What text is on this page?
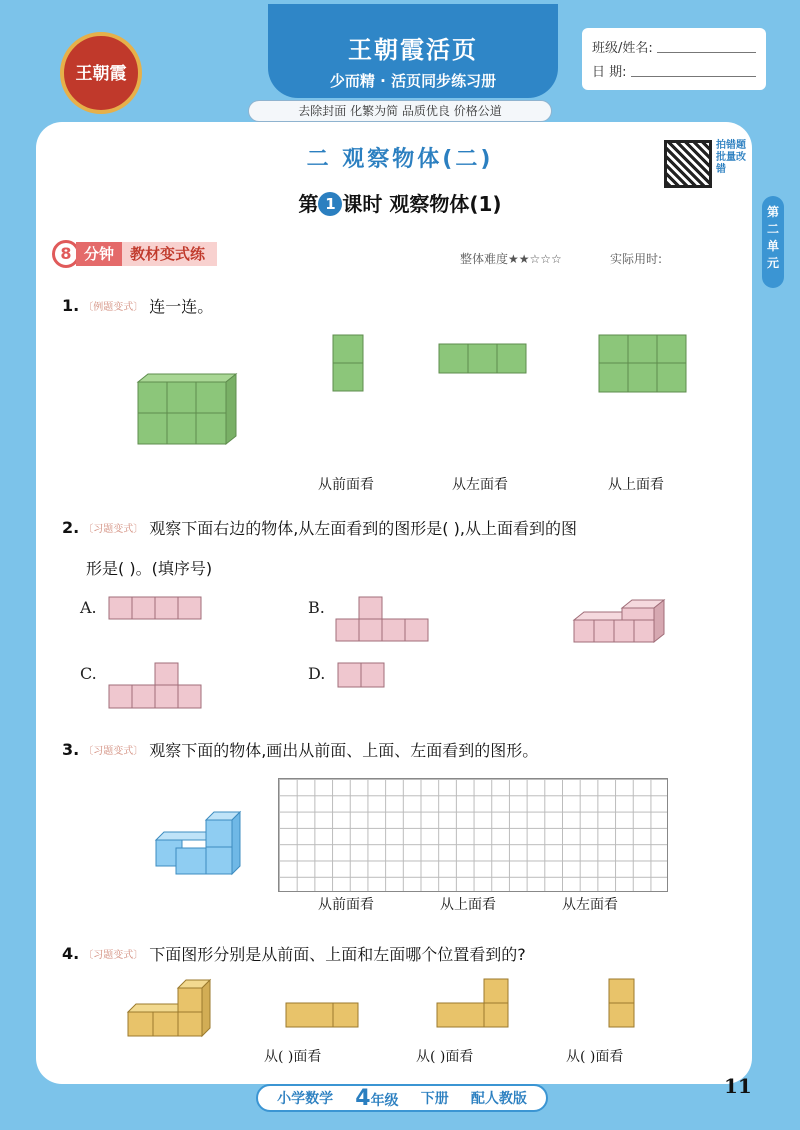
王朝霞
王朝霞活页
少而精 · 活页同步练习册
去除封面 化繁为简 品质优良 价格公道
班级/姓名:
日 期:
二 观察物体(二)
拍错题批量改错
第 1 课时 观察物体(1)	第二单元
8 分钟	教材变式练	整体难度★★☆☆☆	实际用时:
1. 〔例题变式〕 连一连。
从前面看	从左面看	从上面看
2. 〔习题变式〕 观察下面右边的物体,从左面看到的图形是( ),从上面看到的图
形是( )。(填序号)
A.	B.
C.	D.
3. 〔习题变式〕 观察下面的物体,画出从前面、上面、左面看到的图形。
从前面看	从上面看	从左面看
4. 〔习题变式〕 下面图形分别是从前面、上面和左面哪个位置看到的?
从( )面看	从( )面看	从( )面看
小学数学 4年级 下册 配人教版
11
